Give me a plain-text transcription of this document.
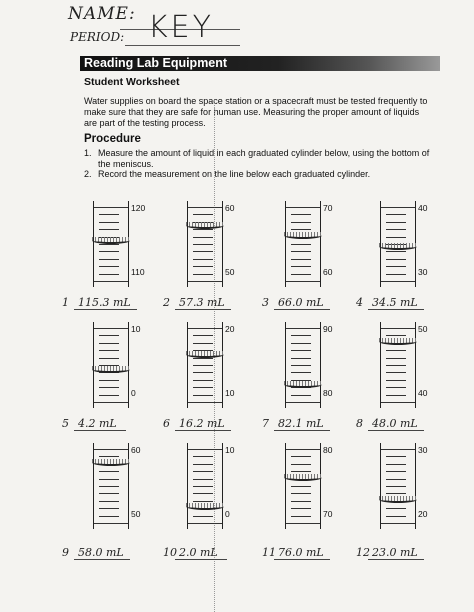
NAME: KEY
PERIOD:
Reading Lab Equipment
Student Worksheet

Water supplies on board the space station or a spacecraft must be tested frequently to make sure that they are safe for human use. Measuring the proper amount of liquids are part of the testing process.

Procedure
1. Measure the amount of liquid in each graduated cylinder below, using the bottom of the meniscus.
2. Record the measurement on the line below each graduated cylinder.
120
110
1 115.3 mL
60
50
2 57.3 mL
70
60
3 66.0 mL
40
30
4 34.5 mL
10
0
5 4.2 mL
20
10
6 16.2 mL
90
80
7 82.1 mL
50
40
8 48.0 mL
60
50
9 58.0 mL
10
0
10 2.0 mL
80
70
11 76.0 mL
30
20
12 23.0 mL
